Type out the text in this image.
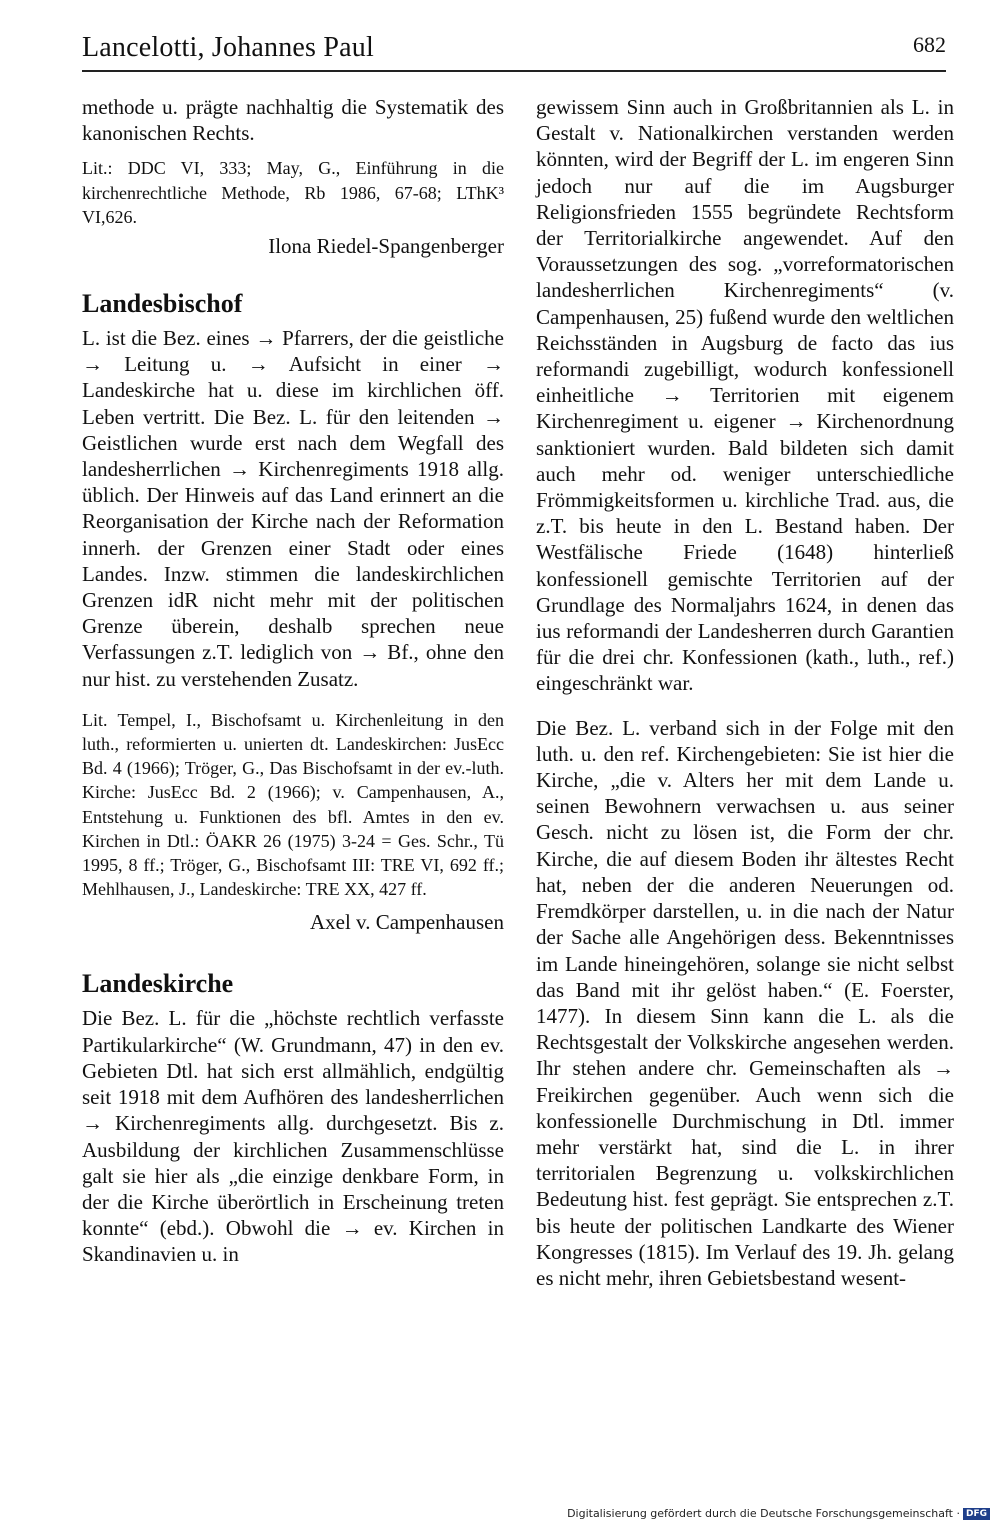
Lancelotti, Johannes Paul	682

methode u. prägte nachhaltig die Systematik des kanonischen Rechts.

Lit.: DDC VI, 333; May, G., Einführung in die kirchenrechtliche Methode, Rb 1986, 67-68; LThK³ VI,626.

Ilona Riedel-Spangenberger

Landesbischof

L. ist die Bez. eines → Pfarrers, der die geistliche → Leitung u. → Aufsicht in einer → Landeskirche hat u. diese im kirchlichen öff. Leben vertritt. Die Bez. L. für den leitenden → Geistlichen wurde erst nach dem Wegfall des landesherrlichen → Kirchenregiments 1918 allg. üblich. Der Hinweis auf das Land erinnert an die Reorganisation der Kirche nach der Reformation innerh. der Grenzen einer Stadt oder eines Landes. Inzw. stimmen die landeskirchlichen Grenzen idR nicht mehr mit der politischen Grenze überein, deshalb sprechen neue Verfassungen z.T. lediglich von → Bf., ohne den nur hist. zu verstehenden Zusatz.

Lit. Tempel, I., Bischofsamt u. Kirchenleitung in den luth., reformierten u. unierten dt. Landeskirchen: JusEcc Bd. 4 (1966); Tröger, G., Das Bischofsamt in der ev.-luth. Kirche: JusEcc Bd. 2 (1966); v. Campenhausen, A., Entstehung u. Funktionen des bfl. Amtes in den ev. Kirchen in Dtl.: ÖAKR 26 (1975) 3-24 = Ges. Schr., Tü 1995, 8 ff.; Tröger, G., Bischofsamt III: TRE VI, 692 ff.; Mehlhausen, J., Landeskirche: TRE XX, 427 ff.

Axel v. Campenhausen

Landeskirche

Die Bez. L. für die „höchste rechtlich verfasste Partikularkirche“ (W. Grundmann, 47) in den ev. Gebieten Dtl. hat sich erst allmählich, endgültig seit 1918 mit dem Aufhören des landesherrlichen → Kirchenregiments allg. durchgesetzt. Bis z. Ausbildung der kirchlichen Zusammenschlüsse galt sie hier als „die einzige denkbare Form, in der die Kirche überörtlich in Erscheinung treten konnte“ (ebd.). Obwohl die → ev. Kirchen in Skandinavien u. in

gewissem Sinn auch in Großbritannien als L. in Gestalt v. Nationalkirchen verstanden werden könnten, wird der Begriff der L. im engeren Sinn jedoch nur auf die im Augsburger Religionsfrieden 1555 begründete Rechtsform der Territorialkirche angewendet. Auf den Voraussetzungen des sog. „vorreformatorischen landesherrlichen Kirchenregiments“ (v. Campenhausen, 25) fußend wurde den weltlichen Reichsständen in Augsburg de facto das ius reformandi zugebilligt, wodurch konfessionell einheitliche → Territorien mit eigenem Kirchenregiment u. eigener → Kirchenordnung sanktioniert wurden. Bald bildeten sich damit auch mehr od. weniger unterschiedliche Frömmigkeitsformen u. kirchliche Trad. aus, die z.T. bis heute in den L. Bestand haben. Der Westfälische Friede (1648) hinterließ konfessionell gemischte Territorien auf der Grundlage des Normaljahrs 1624, in denen das ius reformandi der Landesherren durch Garantien für die drei chr. Konfessionen (kath., luth., ref.) eingeschränkt war.

Die Bez. L. verband sich in der Folge mit den luth. u. den ref. Kirchengebieten: Sie ist hier die Kirche, „die v. Alters her mit dem Lande u. seinen Bewohnern verwachsen u. aus seiner Gesch. nicht zu lösen ist, die Form der chr. Kirche, die auf diesem Boden ihr ältestes Recht hat, neben der die anderen Neuerungen od. Fremdkörper darstellen, u. in die nach der Natur der Sache alle Angehörigen dess. Bekenntnisses im Lande hineingehören, solange sie nicht selbst das Band mit ihr gelöst haben.“ (E. Foerster, 1477). In diesem Sinn kann die L. als die Rechtsgestalt der Volkskirche angesehen werden. Ihr stehen andere chr. Gemeinschaften als → Freikirchen gegenüber. Auch wenn sich die konfessionelle Durchmischung in Dtl. immer mehr verstärkt hat, sind die L. in ihrer territorialen Begrenzung u. volkskirchlichen Bedeutung hist. fest geprägt. Sie entsprechen z.T. bis heute der politischen Landkarte des Wiener Kongresses (1815). Im Verlauf des 19. Jh. gelang es nicht mehr, ihren Gebietsbestand wesent-

Digitalisierung gefördert durch die Deutsche Forschungsgemeinschaft · DFG
